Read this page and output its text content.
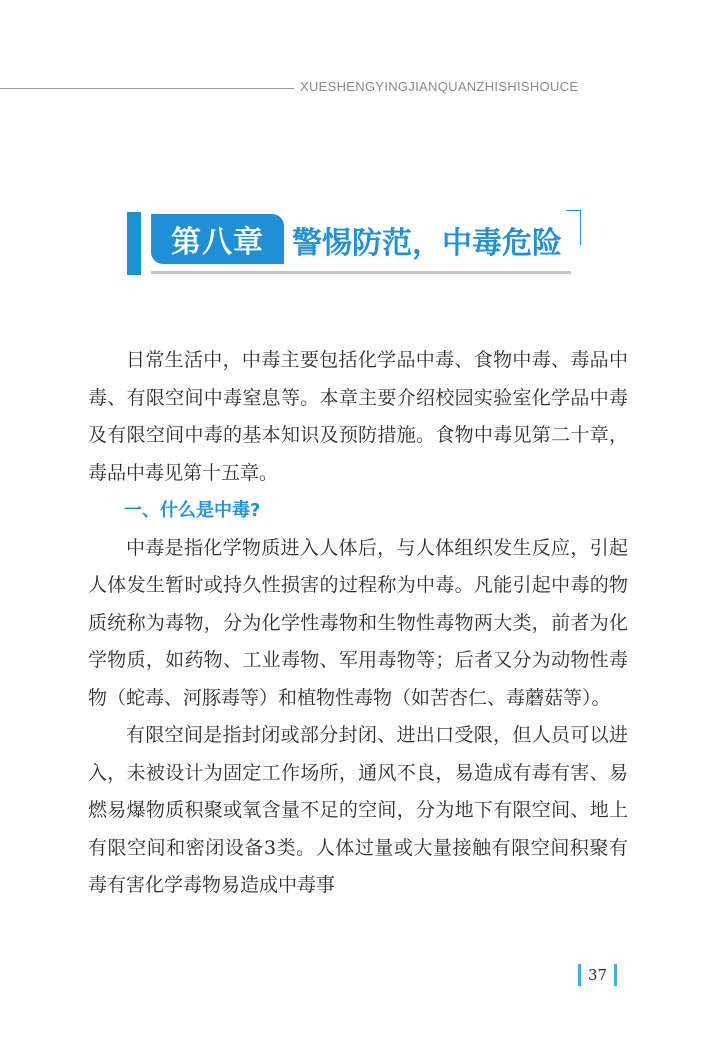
XUESHENGYINGJIANQUANZHISHISHOUCE
第八章 警惕防范，中毒危险

日常生活中，中毒主要包括化学品中毒、食物中毒、毒品中毒、有限空间中毒窒息等。本章主要介绍校园实验室化学品中毒及有限空间中毒的基本知识及预防措施。食物中毒见第二十章，毒品中毒见第十五章。

一、什么是中毒?

中毒是指化学物质进入人体后，与人体组织发生反应，引起人体发生暂时或持久性损害的过程称为中毒。凡能引起中毒的物质统称为毒物，分为化学性毒物和生物性毒物两大类，前者为化学物质，如药物、工业毒物、军用毒物等；后者又分为动物性毒物（蛇毒、河豚毒等）和植物性毒物（如苦杏仁、毒蘑菇等）。

有限空间是指封闭或部分封闭、进出口受限，但人员可以进入，未被设计为固定工作场所，通风不良，易造成有毒有害、易燃易爆物质积聚或氧含量不足的空间，分为地下有限空间、地上有限空间和密闭设备3类。人体过量或大量接触有限空间积聚有毒有害化学毒物易造成中毒事

37
